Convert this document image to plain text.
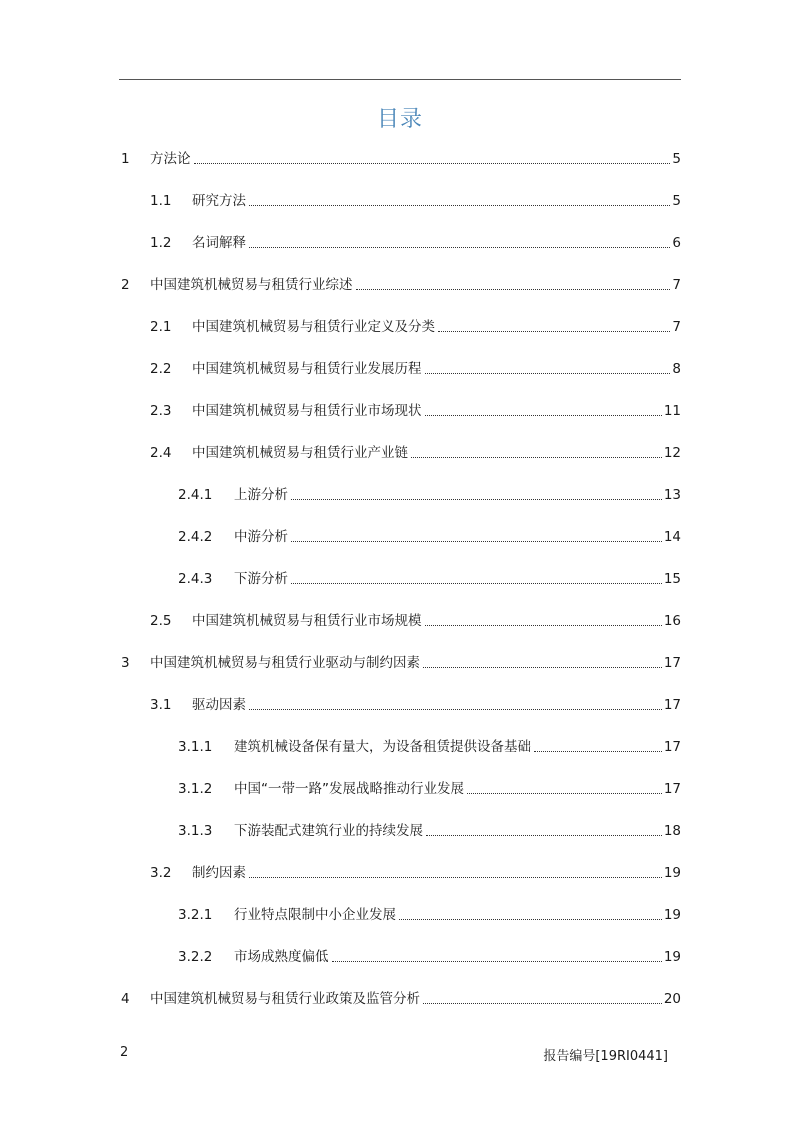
目录
1 方法论	5
1.1 研究方法	5
1.2 名词解释	6
2 中国建筑机械贸易与租赁行业综述	7
2.1 中国建筑机械贸易与租赁行业定义及分类	7
2.2 中国建筑机械贸易与租赁行业发展历程	8
2.3 中国建筑机械贸易与租赁行业市场现状	11
2.4 中国建筑机械贸易与租赁行业产业链	12
2.4.1 上游分析	13
2.4.2 中游分析	14
2.4.3 下游分析	15
2.5 中国建筑机械贸易与租赁行业市场规模	16
3 中国建筑机械贸易与租赁行业驱动与制约因素	17
3.1 驱动因素	17
3.1.1 建筑机械设备保有量大，为设备租赁提供设备基础	17
3.1.2 中国“一带一路”发展战略推动行业发展	17
3.1.3 下游装配式建筑行业的持续发展	18
3.2 制约因素	19
3.2.1 行业特点限制中小企业发展	19
3.2.2 市场成熟度偏低	19
4 中国建筑机械贸易与租赁行业政策及监管分析	20
2	报告编号[19RI0441]
